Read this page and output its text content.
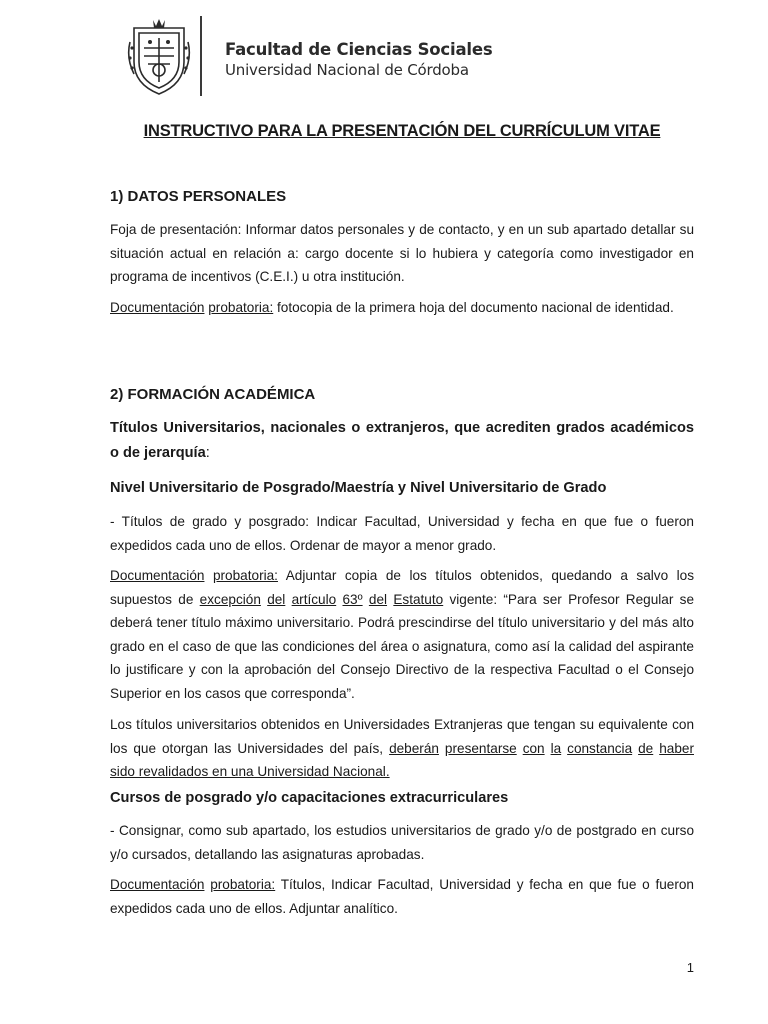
Facultad de Ciencias Sociales
Universidad Nacional de Córdoba
INSTRUCTIVO PARA LA PRESENTACIÓN DEL CURRÍCULUM VITAE
1) DATOS PERSONALES
Foja de presentación: Informar datos personales y de contacto, y en un sub apartado detallar su situación actual en relación a: cargo docente si lo hubiera y categoría como investigador en programa de incentivos (C.E.I.) u otra institución.
Documentación probatoria: fotocopia de la primera hoja del documento nacional de identidad.
2) FORMACIÓN ACADÉMICA
Títulos Universitarios, nacionales o extranjeros, que acrediten grados académicos o de jerarquía:
Nivel Universitario de Posgrado/Maestría y Nivel Universitario de Grado
- Títulos de grado y posgrado: Indicar Facultad, Universidad y fecha en que fue o fueron expedidos cada uno de ellos. Ordenar de mayor a menor grado.
Documentación probatoria: Adjuntar copia de los títulos obtenidos, quedando a salvo los supuestos de excepción del artículo 63º del Estatuto vigente: “Para ser Profesor Regular se deberá tener título máximo universitario. Podrá prescindirse del título universitario y del más alto grado en el caso de que las condiciones del área o asignatura, como así la calidad del aspirante lo justificare y con la aprobación del Consejo Directivo de la respectiva Facultad o el Consejo Superior en los casos que corresponda”.
Los títulos universitarios obtenidos en Universidades Extranjeras que tengan su equivalente con los que otorgan las Universidades del país, deberán presentarse con la constancia de haber sido revalidados en una Universidad Nacional.
Cursos de posgrado y/o capacitaciones extracurriculares
- Consignar, como sub apartado, los estudios universitarios de grado y/o de postgrado en curso y/o cursados, detallando las asignaturas aprobadas.
Documentación probatoria: Títulos, Indicar Facultad, Universidad y fecha en que fue o fueron expedidos cada uno de ellos. Adjuntar analítico.
1
